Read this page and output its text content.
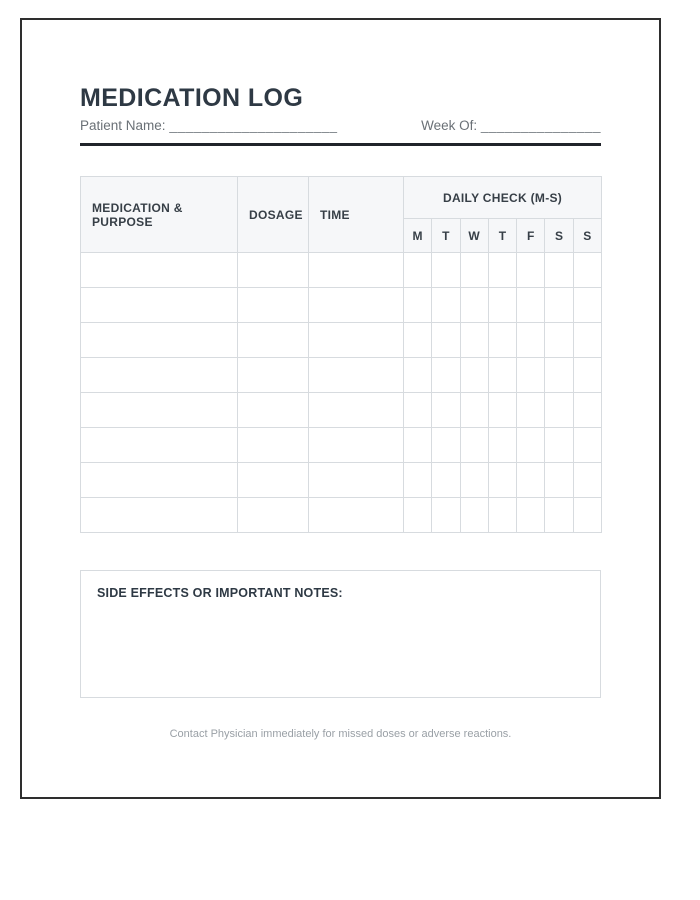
MEDICATION LOG
Patient Name: _____________________	Week Of: _______________
MEDICATION & PURPOSE	DOSAGE	TIME	DAILY CHECK (M-S)						
			M	T	W	T	F	S	S

SIDE EFFECTS OR IMPORTANT NOTES:
Contact Physician immediately for missed doses or adverse reactions.
